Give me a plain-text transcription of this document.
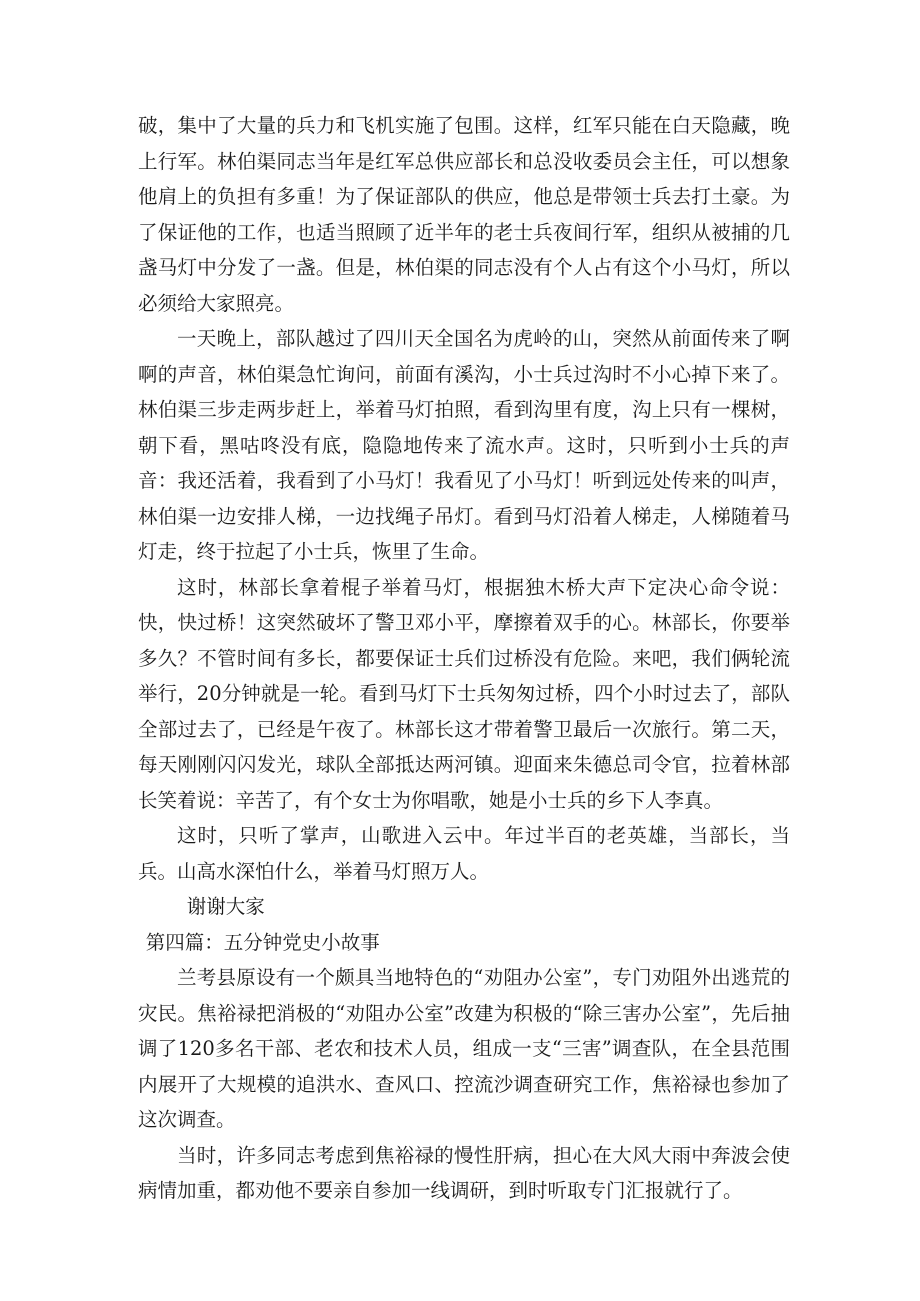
破，集中了大量的兵力和飞机实施了包围。这样，红军只能在白天隐藏，晚上行军。林伯渠同志当年是红军总供应部长和总没收委员会主任，可以想象他肩上的负担有多重！为了保证部队的供应，他总是带领士兵去打土豪。为了保证他的工作，也适当照顾了近半年的老士兵夜间行军，组织从被捕的几盏马灯中分发了一盏。但是，林伯渠的同志没有个人占有这个小马灯，所以必须给大家照亮。

一天晚上，部队越过了四川天全国名为虎岭的山，突然从前面传来了啊啊的声音，林伯渠急忙询问，前面有溪沟，小士兵过沟时不小心掉下来了。林伯渠三步走两步赶上，举着马灯拍照，看到沟里有度，沟上只有一棵树，朝下看，黑咕咚没有底，隐隐地传来了流水声。这时，只听到小士兵的声音：我还活着，我看到了小马灯！我看见了小马灯！听到远处传来的叫声，林伯渠一边安排人梯，一边找绳子吊灯。看到马灯沿着人梯走，人梯随着马灯走，终于拉起了小士兵，恢里了生命。

这时，林部长拿着棍子举着马灯，根据独木桥大声下定决心命令说：快，快过桥！这突然破坏了警卫邓小平，摩擦着双手的心。林部长，你要举多久？不管时间有多长，都要保证士兵们过桥没有危险。来吧，我们俩轮流举行，20分钟就是一轮。看到马灯下士兵匆匆过桥，四个小时过去了，部队全部过去了，已经是午夜了。林部长这才带着警卫最后一次旅行。第二天，每天刚刚闪闪发光，球队全部抵达两河镇。迎面来朱德总司令官，拉着林部长笑着说：辛苦了，有个女士为你唱歌，她是小士兵的乡下人李真。

这时，只听了掌声，山歌进入云中。年过半百的老英雄，当部长，当兵。山高水深怕什么，举着马灯照万人。

谢谢大家

第四篇：五分钟党史小故事

兰考县原设有一个颇具当地特色的“劝阻办公室”，专门劝阻外出逃荒的灾民。焦裕禄把消极的“劝阻办公室”改建为积极的“除三害办公室”，先后抽调了120多名干部、老农和技术人员，组成一支“三害”调查队，在全县范围内展开了大规模的追洪水、查风口、控流沙调查研究工作，焦裕禄也参加了这次调查。

当时，许多同志考虑到焦裕禄的慢性肝病，担心在大风大雨中奔波会使病情加重，都劝他不要亲自参加一线调研，到时听取专门汇报就行了。
